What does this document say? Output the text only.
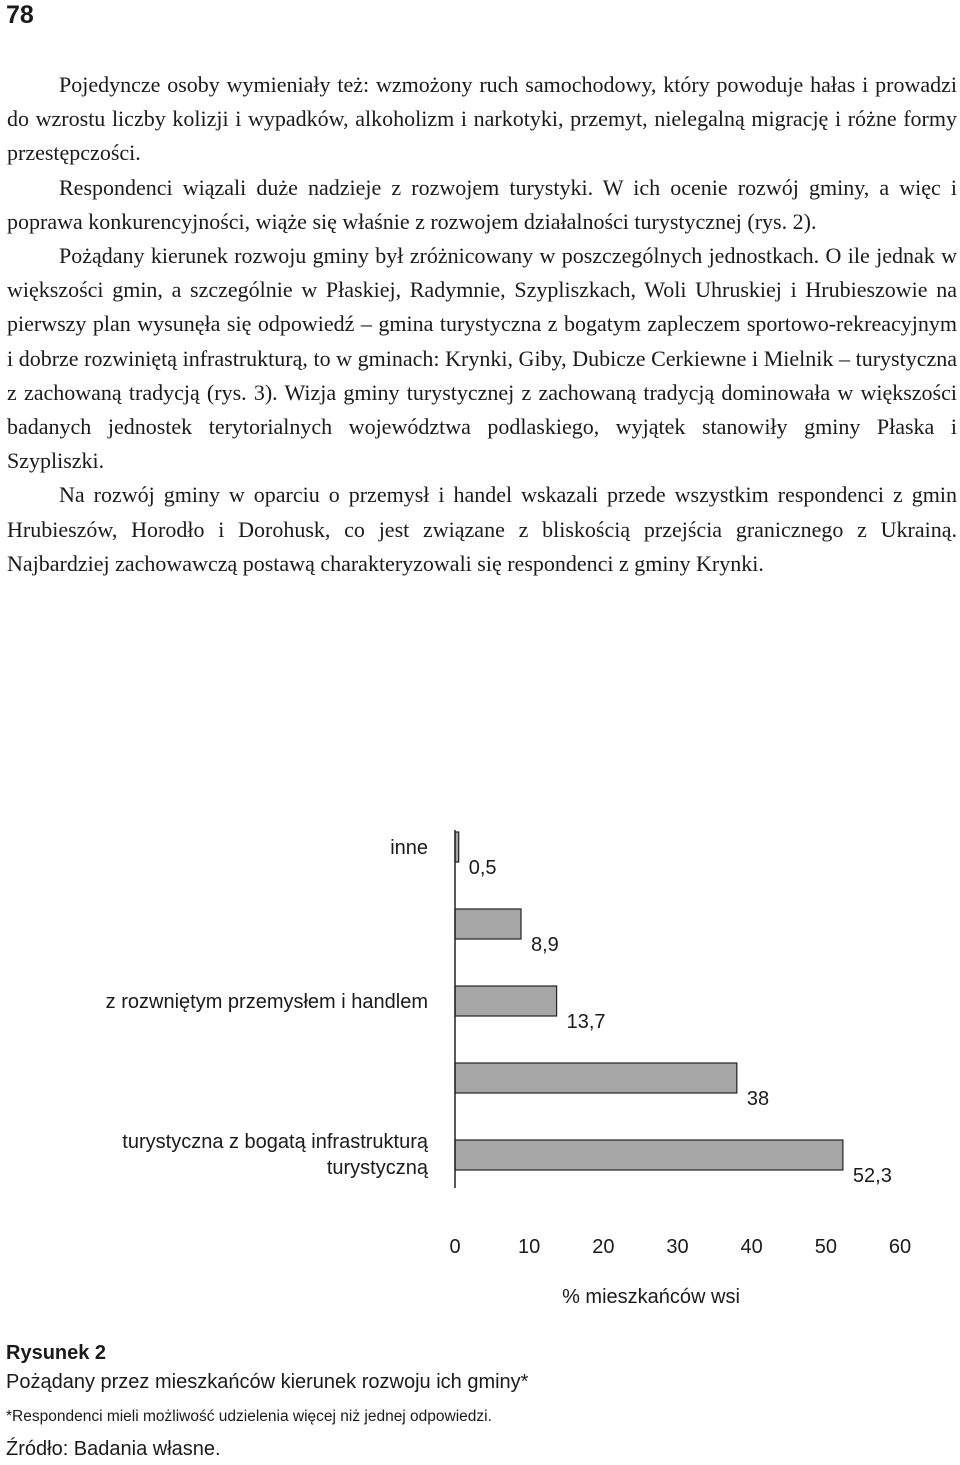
78

Pojedyncze osoby wymieniały też: wzmożony ruch samochodowy, który powoduje hałas i prowadzi do wzrostu liczby kolizji i wypadków, alkoholizm i narkotyki, przemyt, nielegalną migrację i różne formy przestępczości.

Respondenci wiązali duże nadzieje z rozwojem turystyki. W ich ocenie rozwój gminy, a więc i poprawa konkurencyjności, wiąże się właśnie z rozwojem działalności turystycznej (rys. 2).

Pożądany kierunek rozwoju gminy był zróżnicowany w poszczególnych jednostkach. O ile jednak w większości gmin, a szczególnie w Płaskiej, Radymnie, Szypliszkach, Woli Uhruskiej i Hrubieszowie na pierwszy plan wysunęła się odpowiedź – gmina turystyczna z bogatym zapleczem sportowo-rekreacyjnym i dobrze rozwiniętą infrastrukturą, to w gminach: Krynki, Giby, Dubicze Cerkiewne i Mielnik – turystyczna z zachowaną tradycją (rys. 3). Wizja gminy turystycznej z zachowaną tradycją dominowała w większości badanych jednostek terytorialnych województwa podlaskiego, wyjątek stanowiły gminy Płaska i Szypliszki.

Na rozwój gminy w oparciu o przemysł i handel wskazali przede wszystkim respondenci z gmin Hrubieszów, Horodło i Dorohusk, co jest związane z bliskością przejścia granicznego z Ukrainą. Najbardziej zachowawczą postawą charakteryzowali się respondenci z gminy Krynki.

0,5
8,9
13,7
38
52,3
inne
z rozwniętym przemysłem i handlem
turystyczna z bogatą infrastrukturą
turystyczną
0	10	20	30	40	50	60
% mieszkańców wsi
Rysunek 2
Pożądany przez mieszkańców kierunek rozwoju ich gminy*
*Respondenci mieli możliwość udzielenia więcej niż jednej odpowiedzi.
Źródło: Badania własne.
